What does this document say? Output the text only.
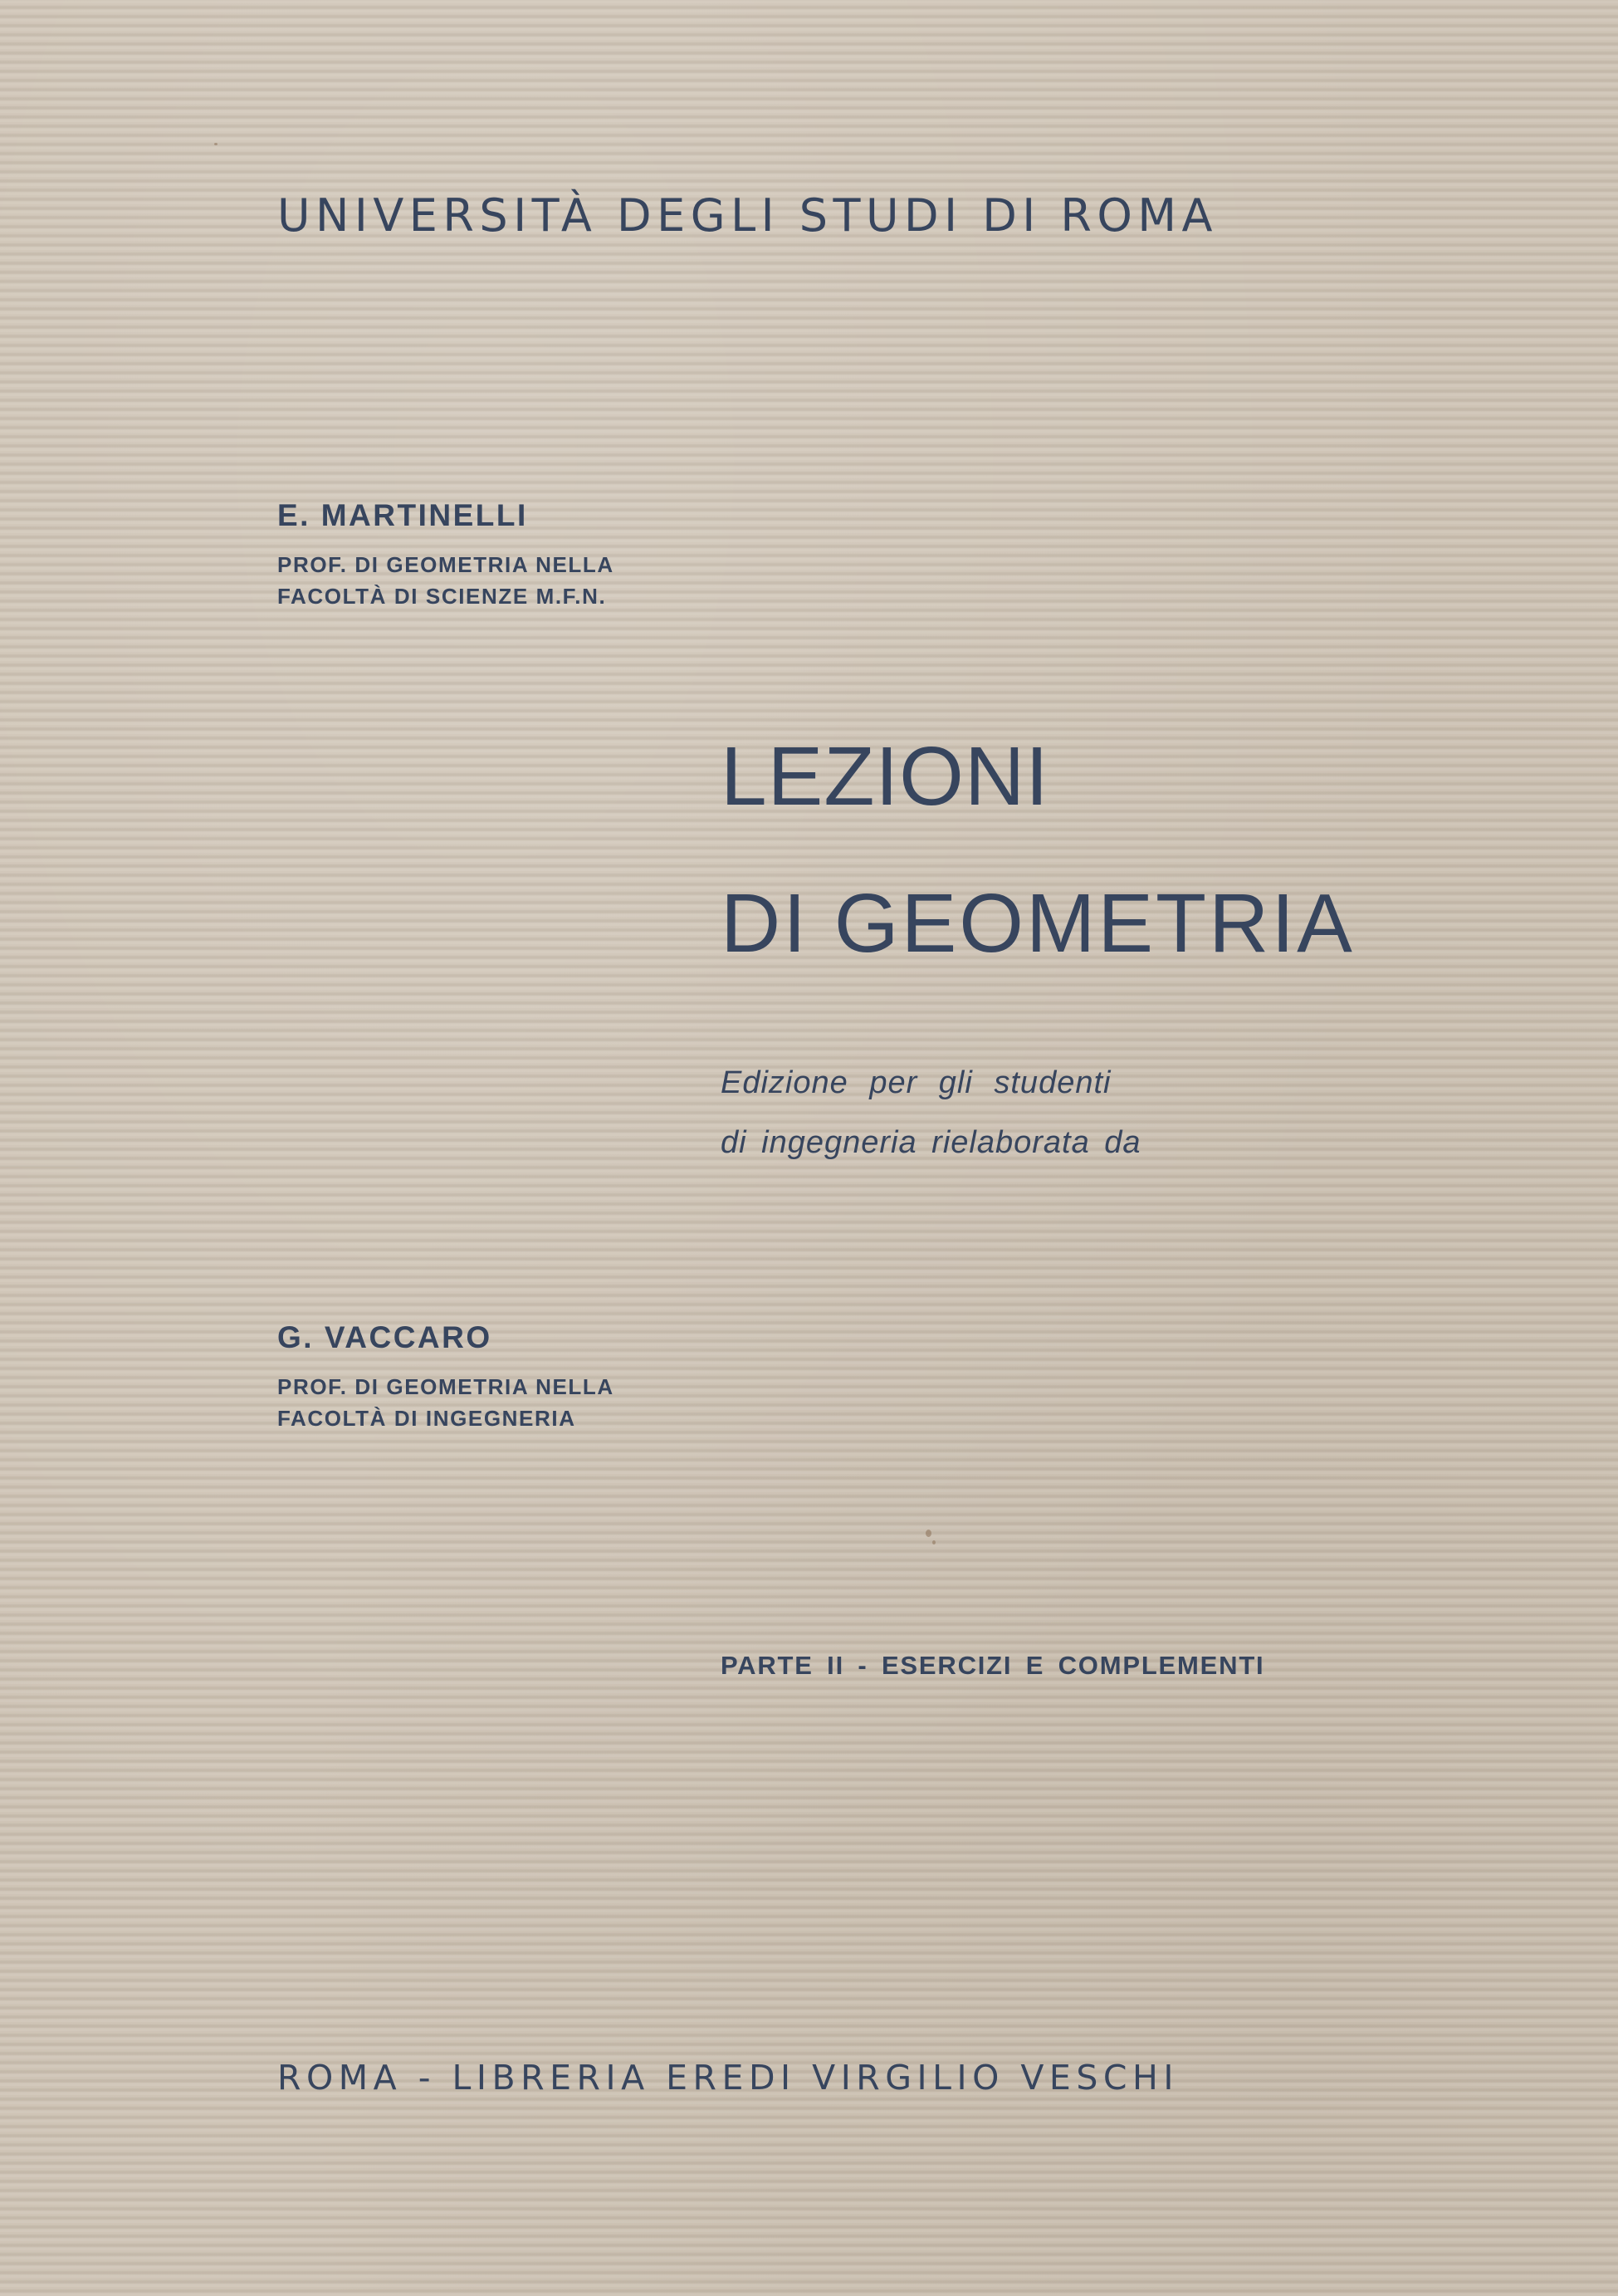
UNIVERSITÀ DEGLI STUDI DI ROMA
E. MARTINELLI
PROF. DI GEOMETRIA NELLA
FACOLTÀ DI SCIENZE M.F.N.
LEZIONI
DI GEOMETRIA
Edizione per gli studenti
di ingegneria rielaborata da
G. VACCARO
PROF. DI GEOMETRIA NELLA
FACOLTÀ DI INGEGNERIA
PARTE II - ESERCIZI E COMPLEMENTI
ROMA - LIBRERIA EREDI VIRGILIO VESCHI
